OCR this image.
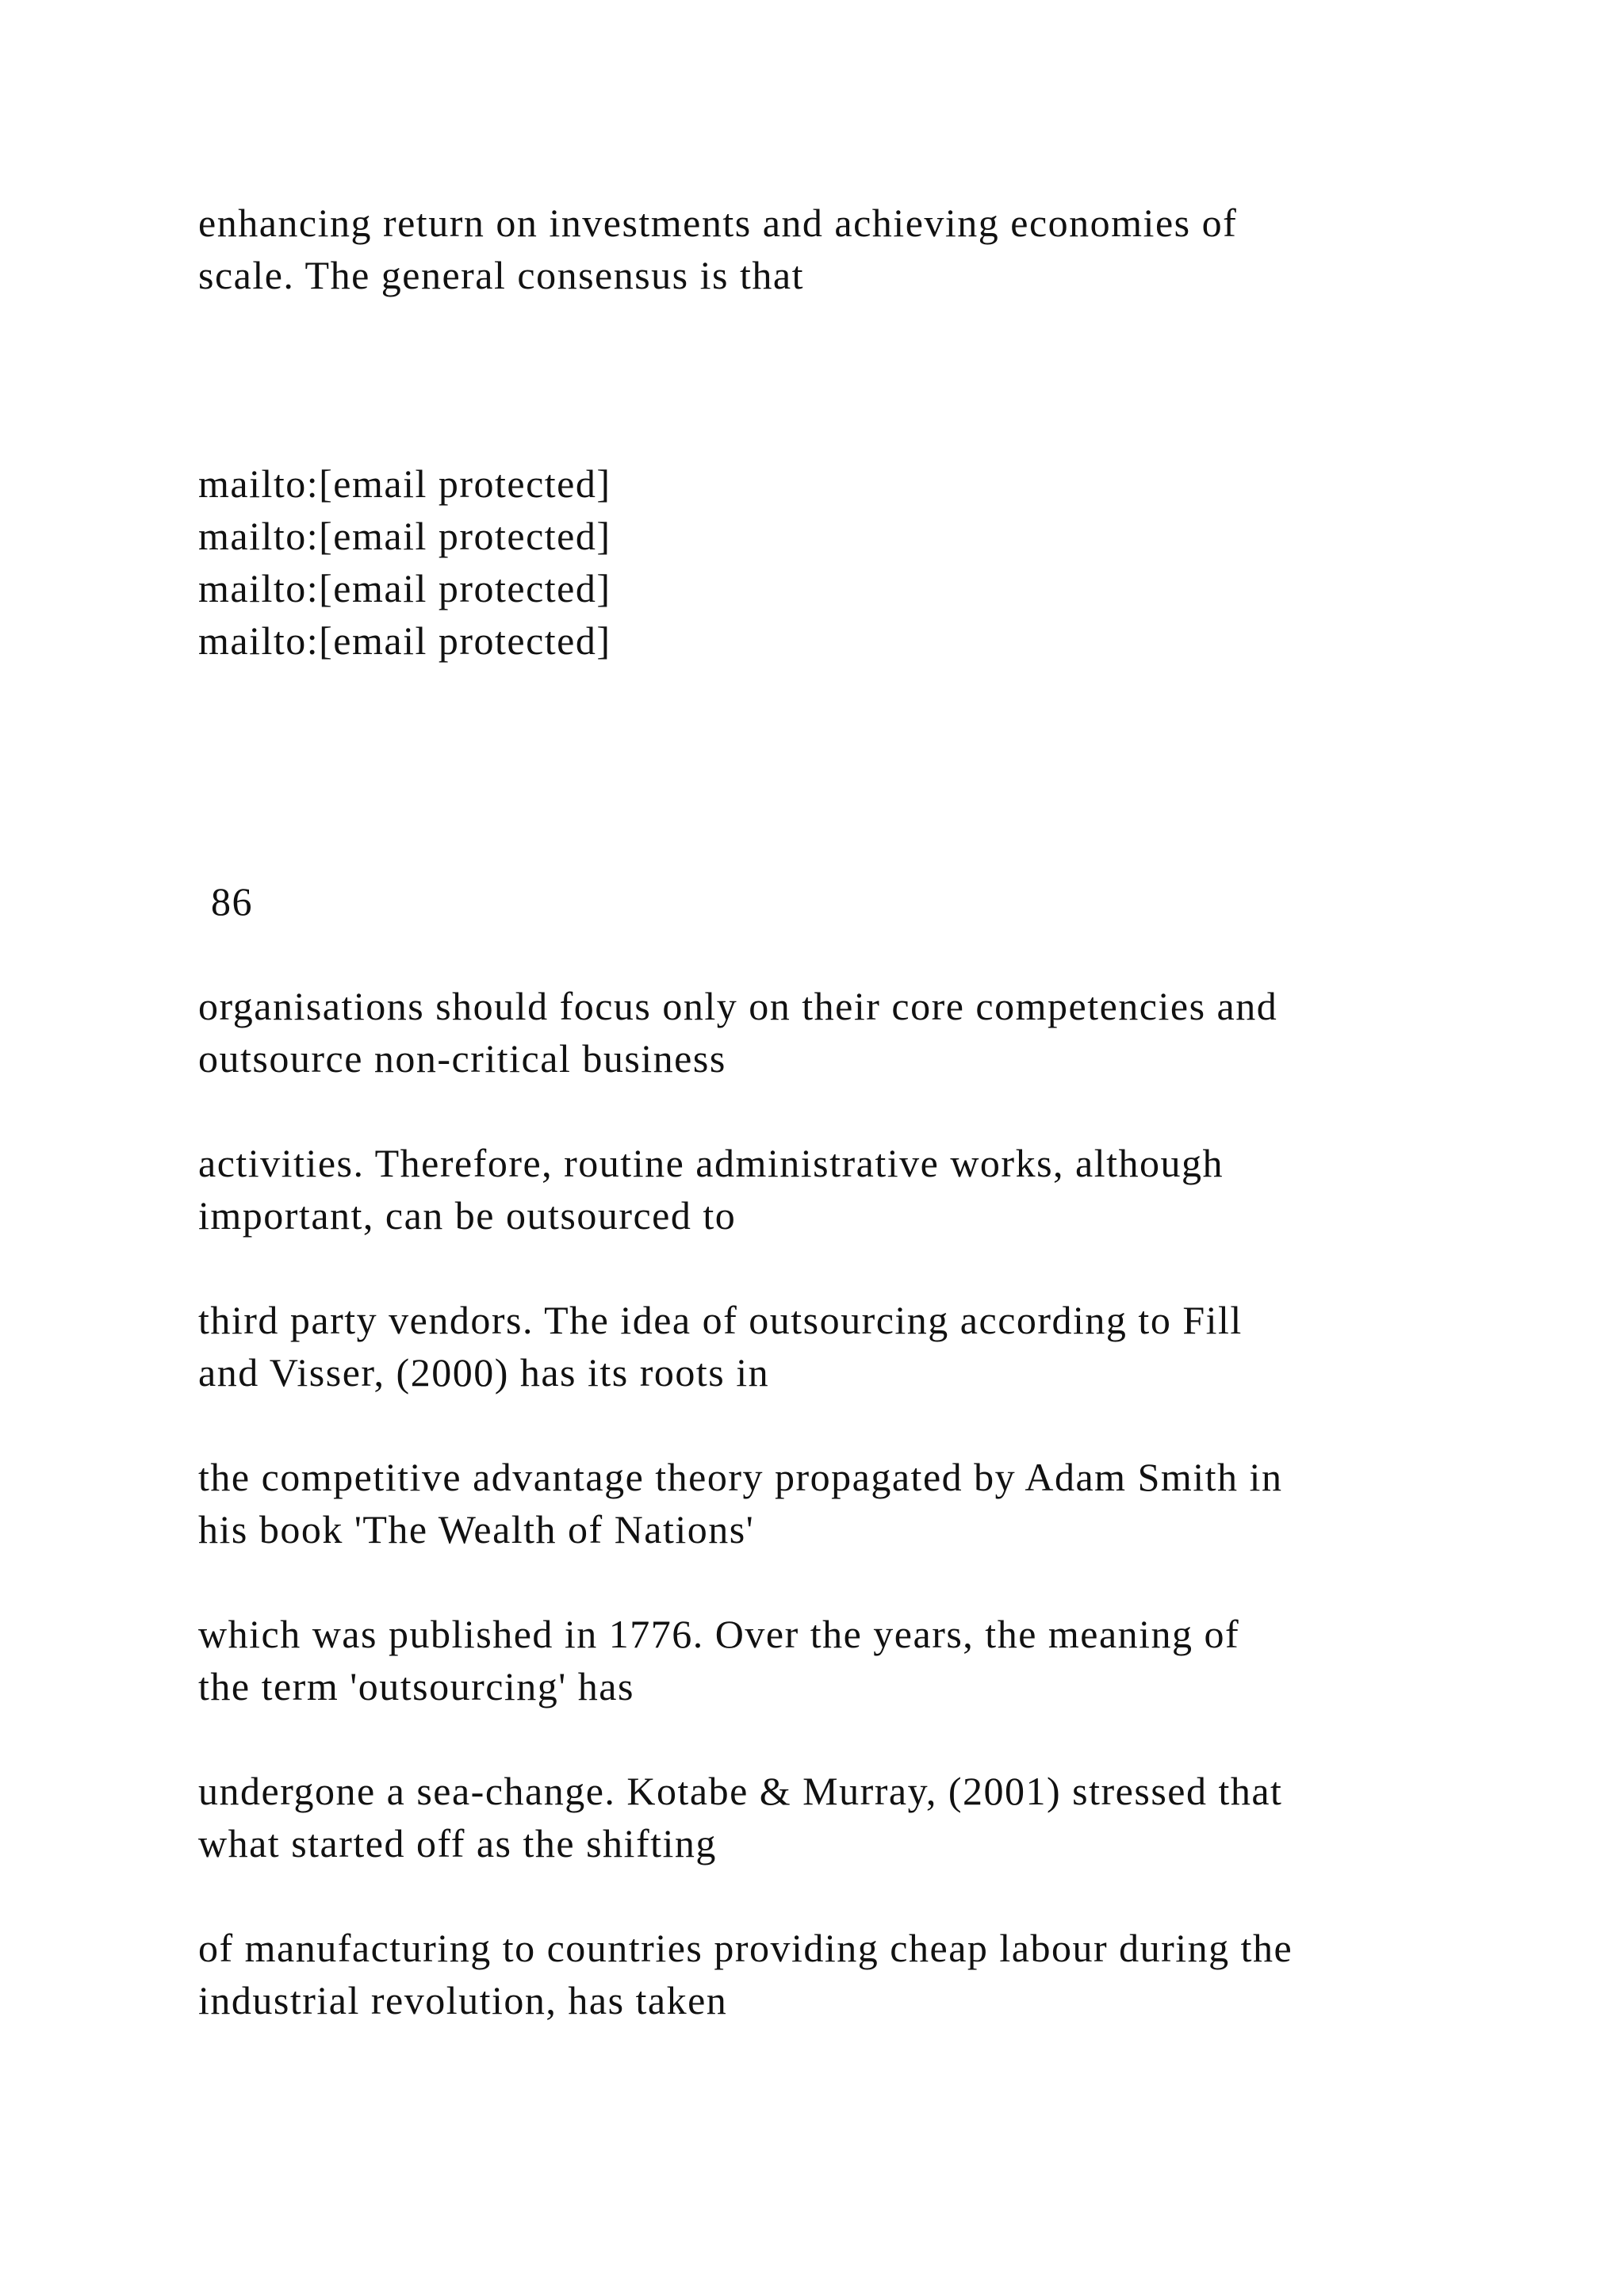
enhancing return on investments and achieving economies of
scale. The general consensus is that
mailto:[email protected]
mailto:[email protected]
mailto:[email protected]
mailto:[email protected]
86
organisations should focus only on their core competencies and
outsource non-critical business
activities. Therefore, routine administrative works, although
important, can be outsourced to
third party vendors. The idea of outsourcing according to Fill
and Visser, (2000) has its roots in
the competitive advantage theory propagated by Adam Smith in
his book 'The Wealth of Nations'
which was published in 1776. Over the years, the meaning of
the term 'outsourcing' has
undergone a sea-change. Kotabe & Murray, (2001) stressed that
what started off as the shifting
of manufacturing to countries providing cheap labour during the
industrial revolution, has taken
